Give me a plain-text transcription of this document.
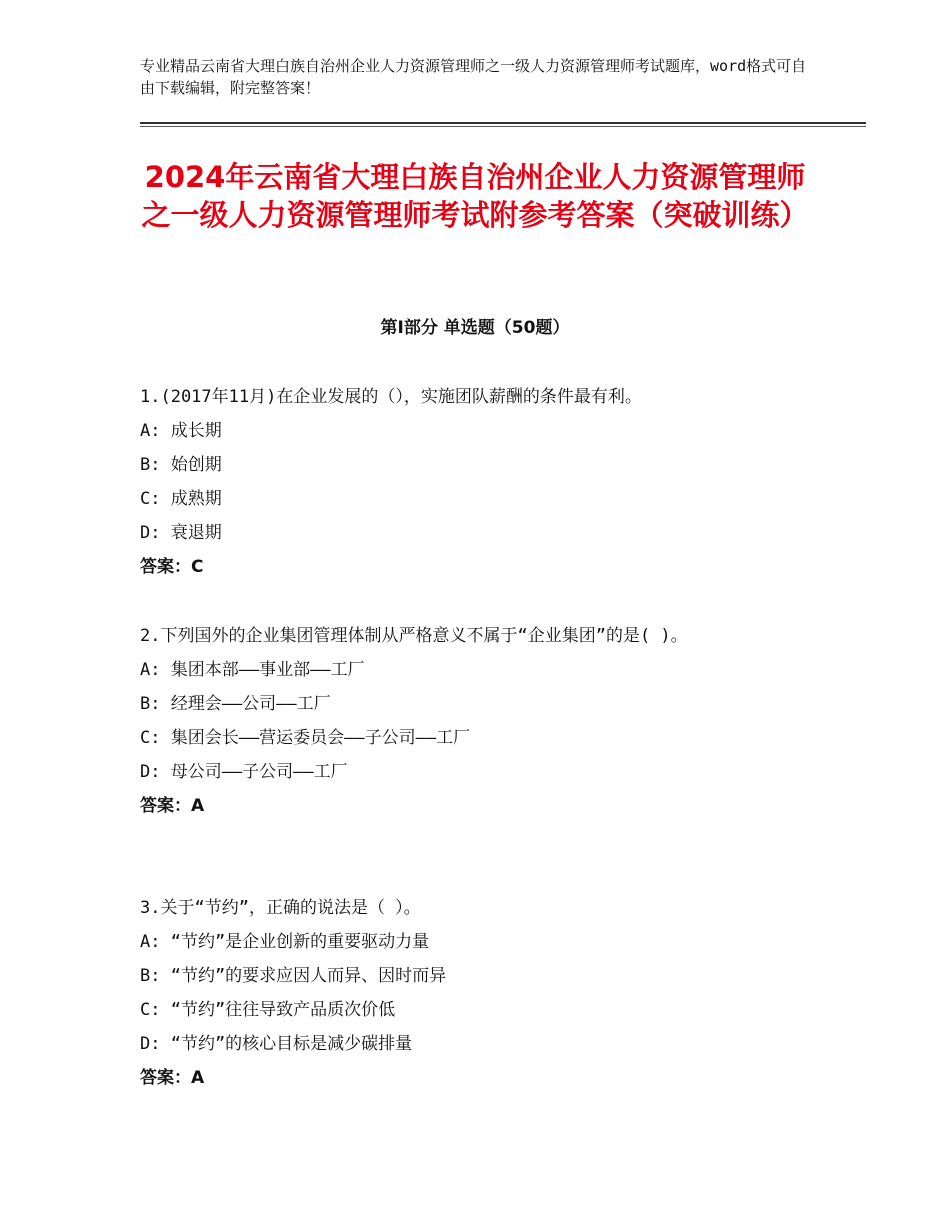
专业精品云南省大理白族自治州企业人力资源管理师之一级人力资源管理师考试题库，word格式可自由下载编辑，附完整答案！
2024年云南省大理白族自治州企业人力资源管理师之一级人力资源管理师考试附参考答案（突破训练）
第Ⅰ部分 单选题（50题）
1.(2017年11月)在企业发展的（），实施团队薪酬的条件最有利。
A: 成长期
B: 始创期
C: 成熟期
D: 衰退期
答案：C
2.下列国外的企业集团管理体制从严格意义不属于“企业集团”的是( )。
A: 集团本部——事业部——工厂
B: 经理会——公司——工厂
C: 集团会长——营运委员会——子公司——工厂
D: 母公司——子公司——工厂
答案：A
3.关于“节约”，正确的说法是（ ）。
A: “节约”是企业创新的重要驱动力量
B: “节约”的要求应因人而异、因时而异
C: “节约”往往导致产品质次价低
D: “节约”的核心目标是减少碳排量
答案：A
